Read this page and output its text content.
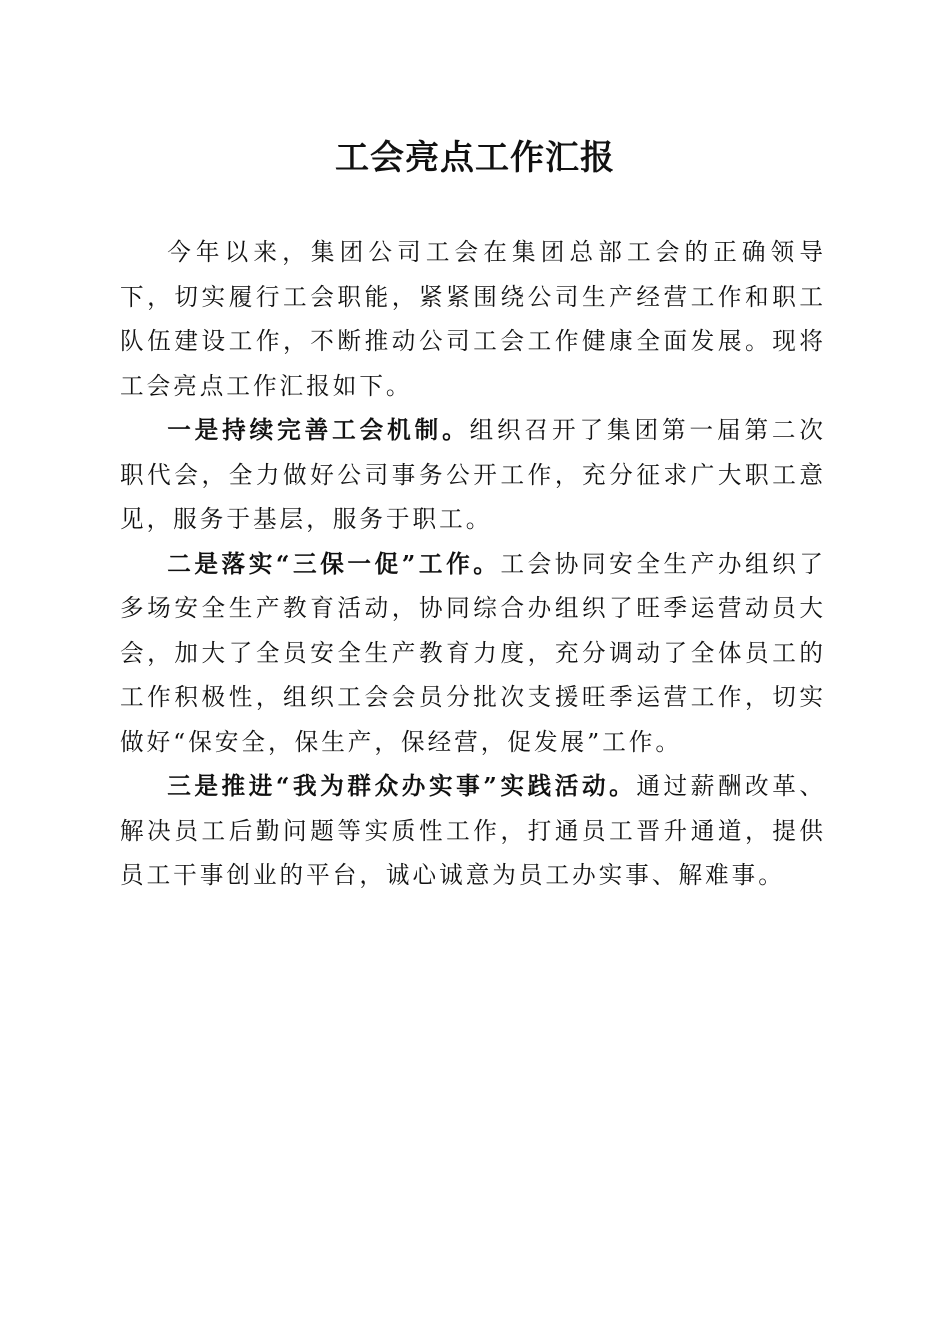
工会亮点工作汇报

今年以来，集团公司工会在集团总部工会的正确领导下，切实履行工会职能，紧紧围绕公司生产经营工作和职工队伍建设工作，不断推动公司工会工作健康全面发展。现将工会亮点工作汇报如下。

一是持续完善工会机制。组织召开了集团第一届第二次职代会，全力做好公司事务公开工作，充分征求广大职工意见，服务于基层，服务于职工。

二是落实“三保一促”工作。工会协同安全生产办组织了多场安全生产教育活动，协同综合办组织了旺季运营动员大会，加大了全员安全生产教育力度，充分调动了全体员工的工作积极性，组织工会会员分批次支援旺季运营工作，切实做好“保安全，保生产，保经营，促发展”工作。

三是推进“我为群众办实事”实践活动。通过薪酬改革、解决员工后勤问题等实质性工作，打通员工晋升通道，提供员工干事创业的平台，诚心诚意为员工办实事、解难事。
